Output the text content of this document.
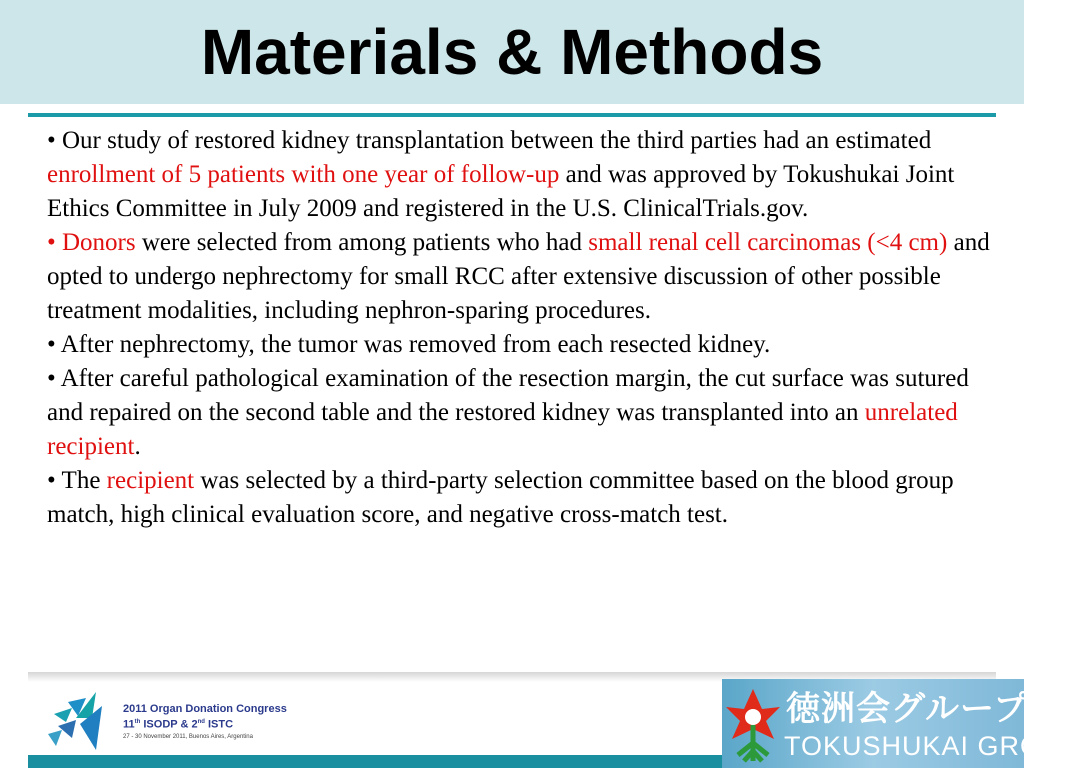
Materials & Methods

• Our study of restored kidney transplantation between the third parties had an estimated enrollment of 5 patients with one year of follow-up and was approved by Tokushukai Joint Ethics Committee in July 2009 and registered in the U.S. ClinicalTrials.gov.

• Donors were selected from among patients who had small renal cell carcinomas (<4 cm) and opted to undergo nephrectomy for small RCC after extensive discussion of other possible treatment modalities, including nephron-sparing procedures.

• After nephrectomy, the tumor was removed from each resected kidney.

• After careful pathological examination of the resection margin, the cut surface was sutured and repaired on the second table and the restored kidney was transplanted into an unrelated recipient.

• The recipient was selected by a third-party selection committee based on the blood group match, high clinical evaluation score, and negative cross-match test.

2011 Organ Donation Congress
11th ISODP & 2nd ISTC
27 - 30 November 2011, Buenos Aires, Argentina
徳洲会グループ
TOKUSHUKAI GROUP
